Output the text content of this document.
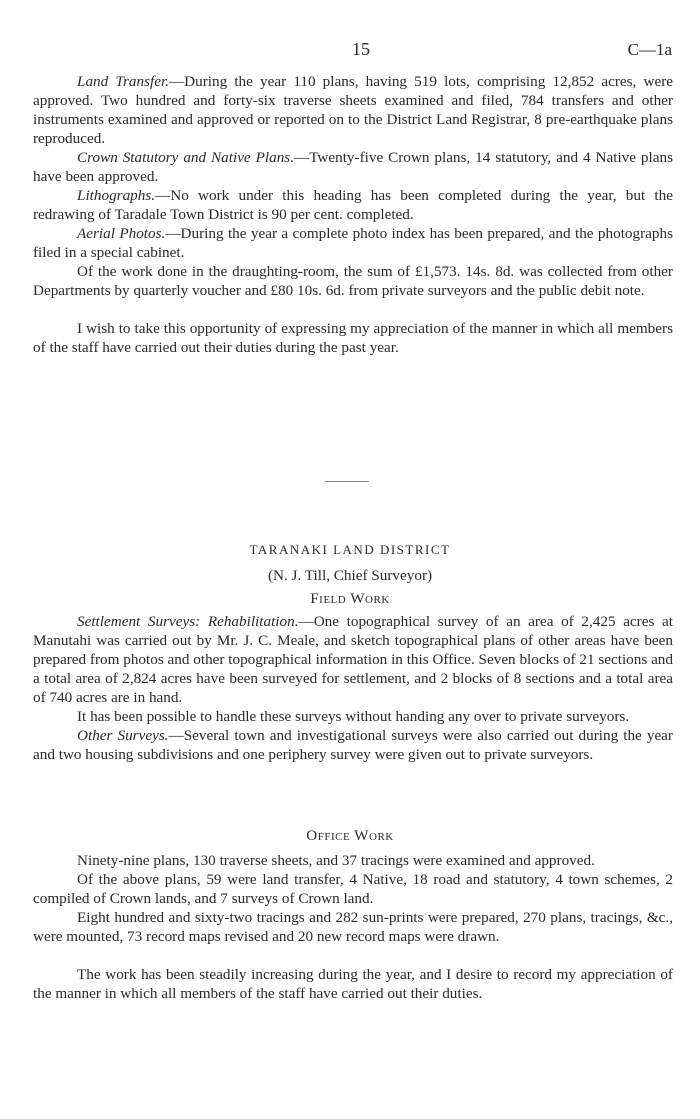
15	C—1a

Land Transfer.—During the year 110 plans, having 519 lots, comprising 12,852 acres, were approved. Two hundred and forty-six traverse sheets examined and filed, 784 transfers and other instruments examined and approved or reported on to the District Land Registrar, 8 pre-earthquake plans reproduced.

Crown Statutory and Native Plans.—Twenty-five Crown plans, 14 statutory, and 4 Native plans have been approved.

Lithographs.—No work under this heading has been completed during the year, but the redrawing of Taradale Town District is 90 per cent. completed.

Aerial Photos.—During the year a complete photo index has been prepared, and the photographs filed in a special cabinet.

Of the work done in the draughting-room, the sum of £1,573. 14s. 8d. was collected from other Departments by quarterly voucher and £80 10s. 6d. from private surveyors and the public debit note.

I wish to take this opportunity of expressing my appreciation of the manner in which all members of the staff have carried out their duties during the past year.

TARANAKI LAND DISTRICT
(N. J. Till, Chief Surveyor)
Field Work

Settlement Surveys: Rehabilitation.—One topographical survey of an area of 2,425 acres at Manutahi was carried out by Mr. J. C. Meale, and sketch topographical plans of other areas have been prepared from photos and other topographical information in this Office. Seven blocks of 21 sections and a total area of 2,824 acres have been surveyed for settlement, and 2 blocks of 8 sections and a total area of 740 acres are in hand.

It has been possible to handle these surveys without handing any over to private surveyors.

Other Surveys.—Several town and investigational surveys were also carried out during the year and two housing subdivisions and one periphery survey were given out to private surveyors.

Office Work

Ninety-nine plans, 130 traverse sheets, and 37 tracings were examined and approved.

Of the above plans, 59 were land transfer, 4 Native, 18 road and statutory, 4 town schemes, 2 compiled of Crown lands, and 7 surveys of Crown land.

Eight hundred and sixty-two tracings and 282 sun-prints were prepared, 270 plans, tracings, &c., were mounted, 73 record maps revised and 20 new record maps were drawn.

The work has been steadily increasing during the year, and I desire to record my appreciation of the manner in which all members of the staff have carried out their duties.
